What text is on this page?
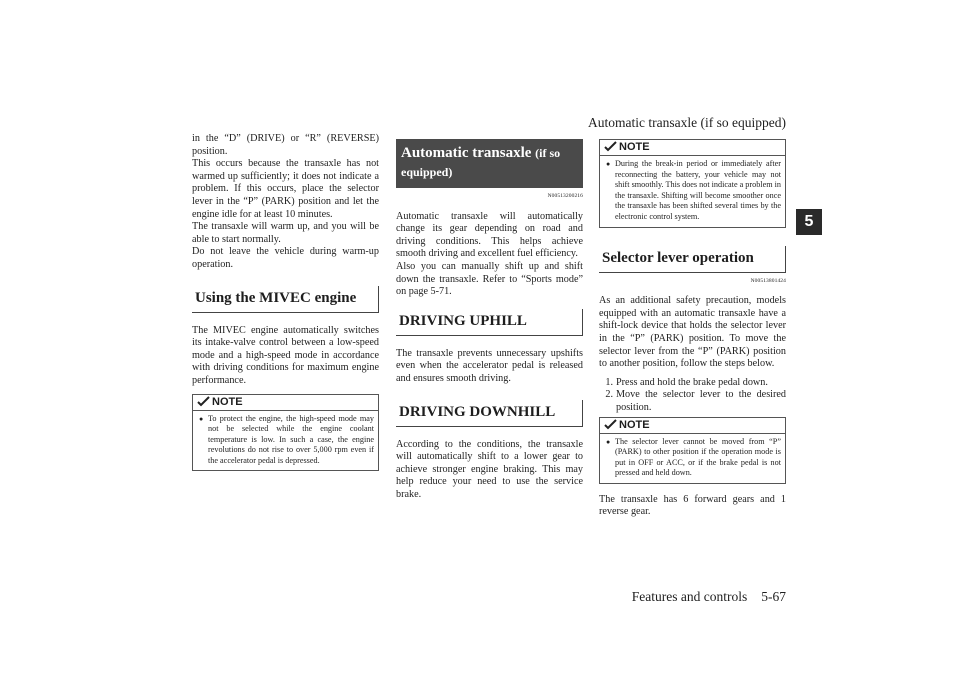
Automatic transaxle (if so equipped)
5

in the “D” (DRIVE) or “R” (REVERSE) position.

This occurs because the transaxle has not warmed up sufficiently; it does not indicate a problem. If this occurs, place the selector lever in the “P” (PARK) position and let the engine idle for at least 10 minutes.

The transaxle will warm up, and you will be able to start normally.

Do not leave the vehicle during warm-up operation.

Using the MIVEC engine

The MIVEC engine automatically switches its intake-valve control between a low-speed mode and a high-speed mode in accordance with driving conditions for maximum engine performance.

NOTE
● To protect the engine, the high-speed mode may not be selected while the engine coolant temperature is low. In such a case, the engine revolutions do not rise to over 5,000 rpm even if the accelerator pedal is depressed.
Automatic transaxle (if so equipped)
N00513200216

Automatic transaxle will automatically change its gear depending on road and driving conditions. This helps achieve smooth driving and excellent fuel efficiency.

Also you can manually shift up and shift down the transaxle. Refer to “Sports mode” on page 5-71.

DRIVING UPHILL

The transaxle prevents unnecessary upshifts even when the accelerator pedal is released and ensures smooth driving.

DRIVING DOWNHILL

According to the conditions, the transaxle will automatically shift to a lower gear to achieve stronger engine braking. This may help reduce your need to use the service brake.

NOTE
● During the break-in period or immediately after reconnecting the battery, your vehicle may not shift smoothly. This does not indicate a problem in the transaxle. Shifting will become smoother once the transaxle has been shifted several times by the electronic control system.
Selector lever operation
N00513801424

As an additional safety precaution, models equipped with an automatic transaxle have a shift-lock device that holds the selector lever in the “P” (PARK) position. To move the selector lever from the “P” (PARK) position to another position, follow the steps below.

1. Press and hold the brake pedal down.
2. Move the selector lever to the desired position.
NOTE
● The selector lever cannot be moved from “P” (PARK) to other position if the operation mode is put in OFF or ACC, or if the brake pedal is not pressed and held down.

The transaxle has 6 forward gears and 1 reverse gear.

Features and controls 5-67
